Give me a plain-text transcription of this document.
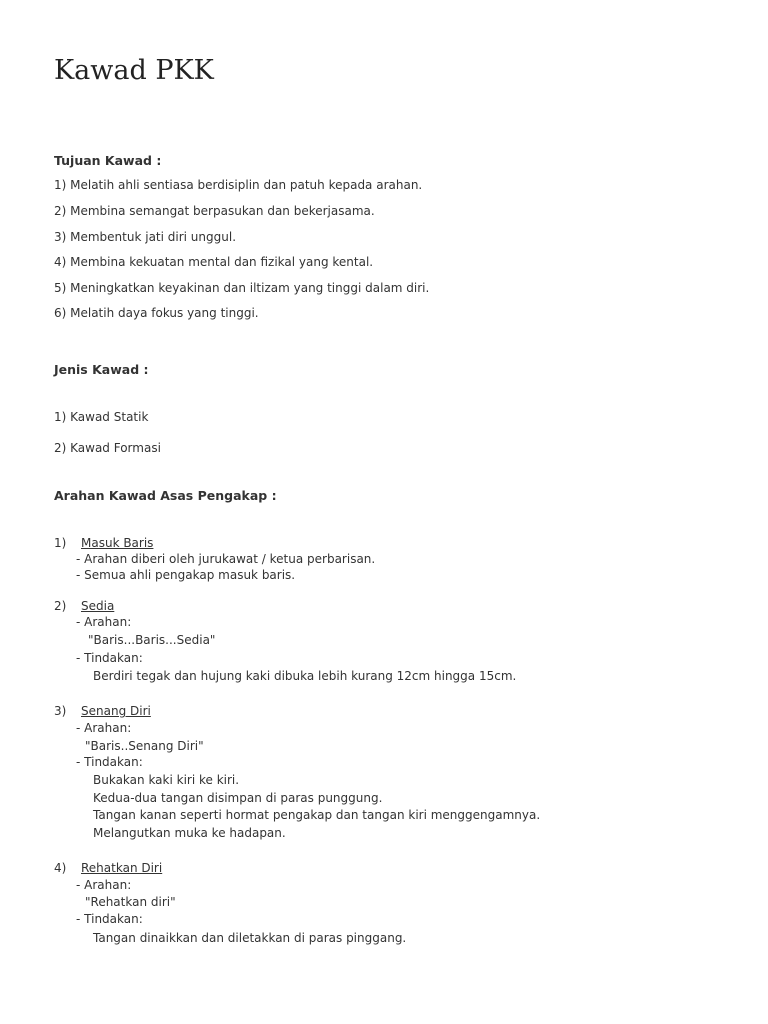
Kawad PKK

Tujuan Kawad :

1) Melatih ahli sentiasa berdisiplin dan patuh kepada arahan.

2) Membina semangat berpasukan dan bekerjasama.

3) Membentuk jati diri unggul.

4) Membina kekuatan mental dan fizikal yang kental.

5) Meningkatkan keyakinan dan iltizam yang tinggi dalam diri.

6) Melatih daya fokus yang tinggi.

Jenis Kawad :

1) Kawad Statik

2) Kawad Formasi

Arahan Kawad Asas Pengakap :

1) Masuk Baris

- Arahan diberi oleh jurukawat / ketua perbarisan.

- Semua ahli pengakap masuk baris.

2) Sedia

- Arahan:

"Baris...Baris...Sedia"

- Tindakan:

Berdiri tegak dan hujung kaki dibuka lebih kurang 12cm hingga 15cm.

3) Senang Diri

- Arahan:

"Baris..Senang Diri"

- Tindakan:

Bukakan kaki kiri ke kiri.

Kedua-dua tangan disimpan di paras punggung.

Tangan kanan seperti hormat pengakap dan tangan kiri menggengamnya.

Melangutkan muka ke hadapan.

4) Rehatkan Diri

- Arahan:

"Rehatkan diri"

- Tindakan:

Tangan dinaikkan dan diletakkan di paras pinggang.
